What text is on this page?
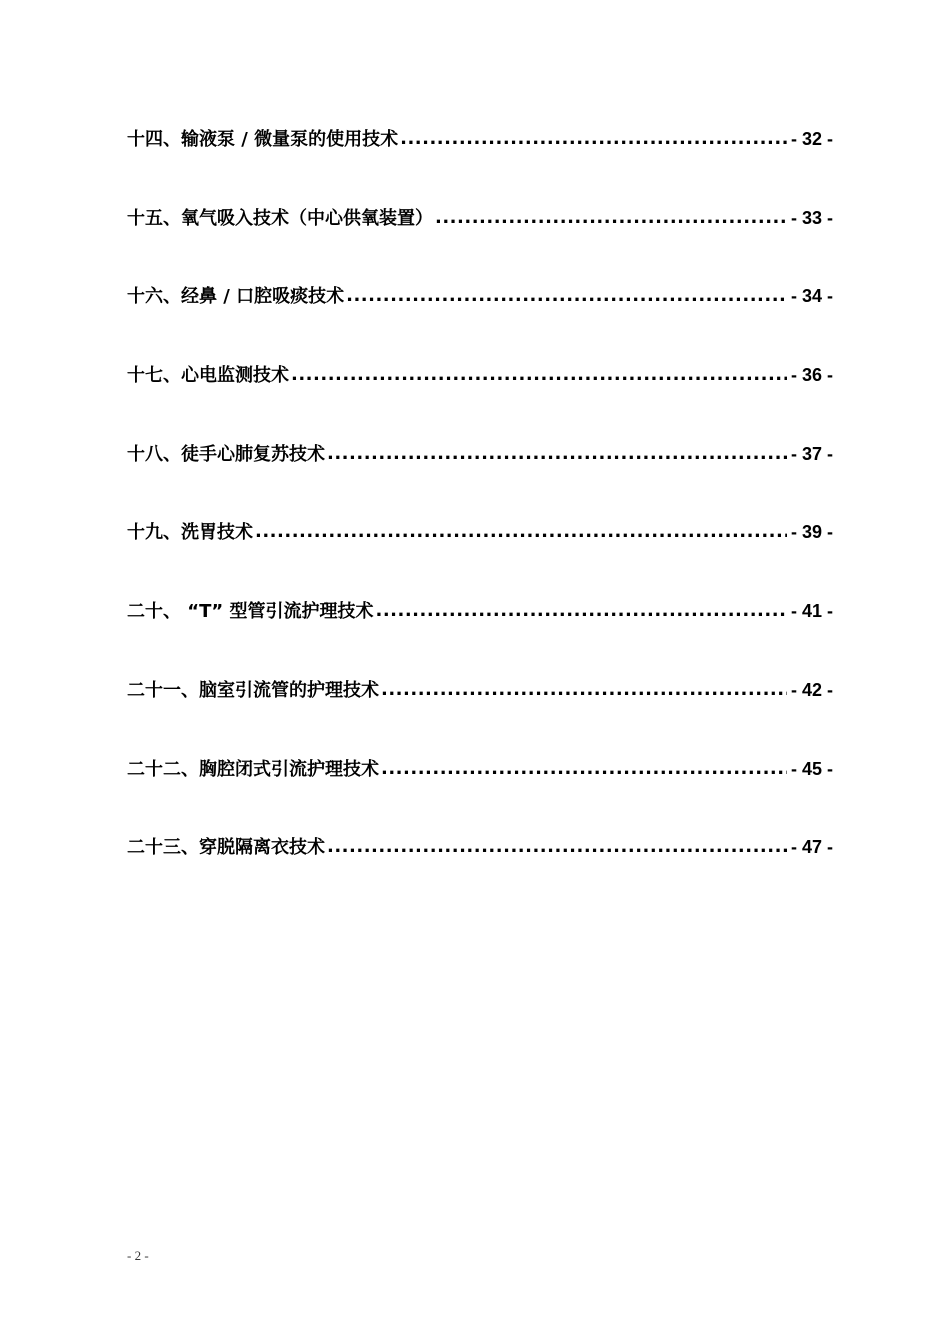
十四、输液泵 / 微量泵的使用技术 .....	- 32 -
十五、氧气吸入技术（中心供氧装置） .....	- 33 -
十六、经鼻 / 口腔吸痰技术 .....	- 34 -
十七、心电监测技术 .....	- 36 -
十八、徒手心肺复苏技术 .....	- 37 -
十九、洗胃技术 .....	- 39 -
二十、 “T” 型管引流护理技术 .....	- 41 -
二十一、脑室引流管的护理技术 .....	- 42 -
二十二、胸腔闭式引流护理技术 .....	- 45 -
二十三、穿脱隔离衣技术 .....	- 47 -
- 2 -
